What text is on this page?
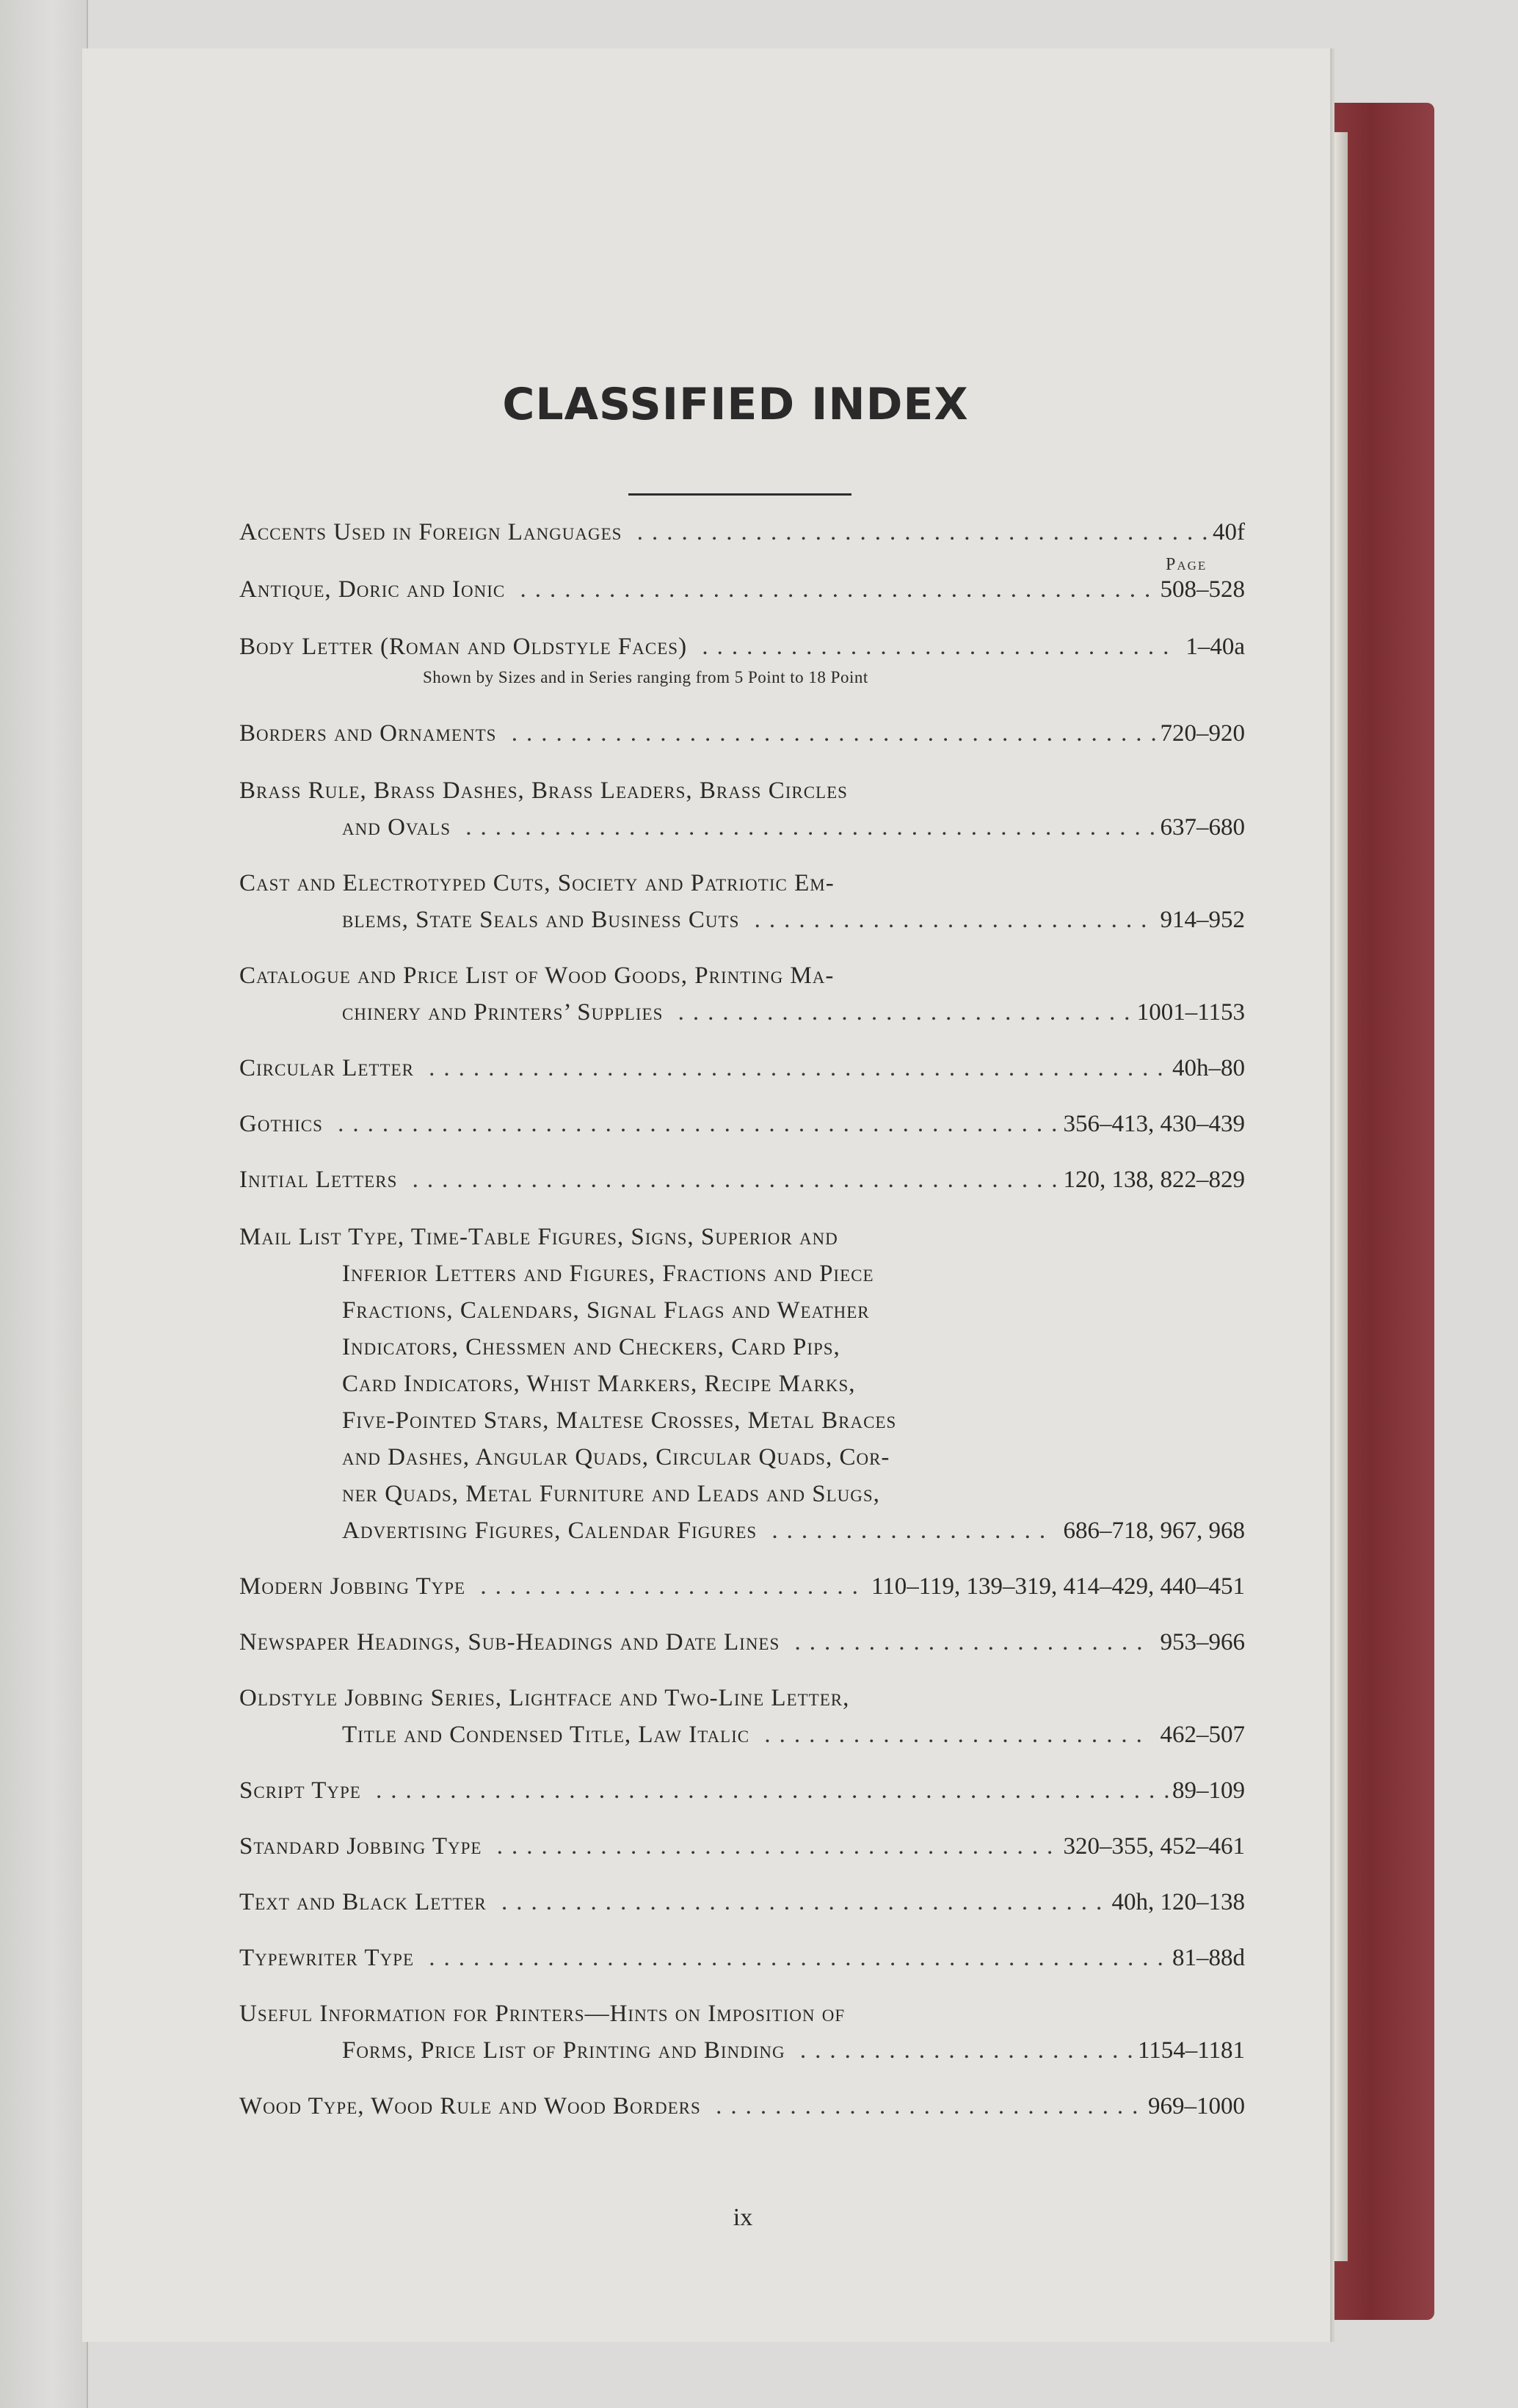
CLASSIFIED INDEX
Page
Accents Used in Foreign Languages .......................................
40f
Antique, Doric and Ionic ........................................... 508–528
Body Letter (Roman and Oldstyle Faces) ................................
Shown by Sizes and in Series ranging from 5 Point to 18 Point
1–40a
Borders and Ornaments ............................................
720–920
Brass Rule, Brass Dashes, Brass Leaders, Brass Circles
and Ovals ...............................................
637–680
Cast and Electrotyped Cuts, Society and Patriotic Em-
blems, State Seals and Business Cuts ........................... 914–952
Catalogue and Price List of Wood Goods, Printing Ma-
chinery and Printers’ Supplies ...............................
1001–1153
Circular Letter .................................................. 40h–80
Gothics .................................................
356–413, 430–439
Initial Letters ............................................
120, 138, 822–829
Mail List Type, Time-Table Figures, Signs, Superior and
Inferior Letters and Figures, Fractions and Piece
Fractions, Calendars, Signal Flags and Weather
Indicators, Chessmen and Checkers, Card Pips,
Card Indicators, Whist Markers, Recipe Marks,
Five-Pointed Stars, Maltese Crosses, Metal Braces
and Dashes, Angular Quads, Circular Quads, Cor-
ner Quads, Metal Furniture and Leads and Slugs,
Advertising Figures, Calendar Figures ................... 686–718, 967, 968
Modern Jobbing Type .......................... 110–119, 139–319, 414–429, 440–451
Newspaper Headings, Sub-Headings and Date Lines ........................ 953–966
Oldstyle Jobbing Series, Lightface and Two-Line Letter,
Title and Condensed Title, Law Italic .......................... 462–507
Script Type ......................................................
89–109
Standard Jobbing Type ...................................... 320–355, 452–461
Text and Black Letter ......................................... 40h, 120–138
Typewriter Type .................................................. 81–88d
Useful Information for Printers—Hints on Imposition of
Forms, Price List of Printing and Binding .......................
1154–1181
Wood Type, Wood Rule and Wood Borders ............................. 969–1000
ix
